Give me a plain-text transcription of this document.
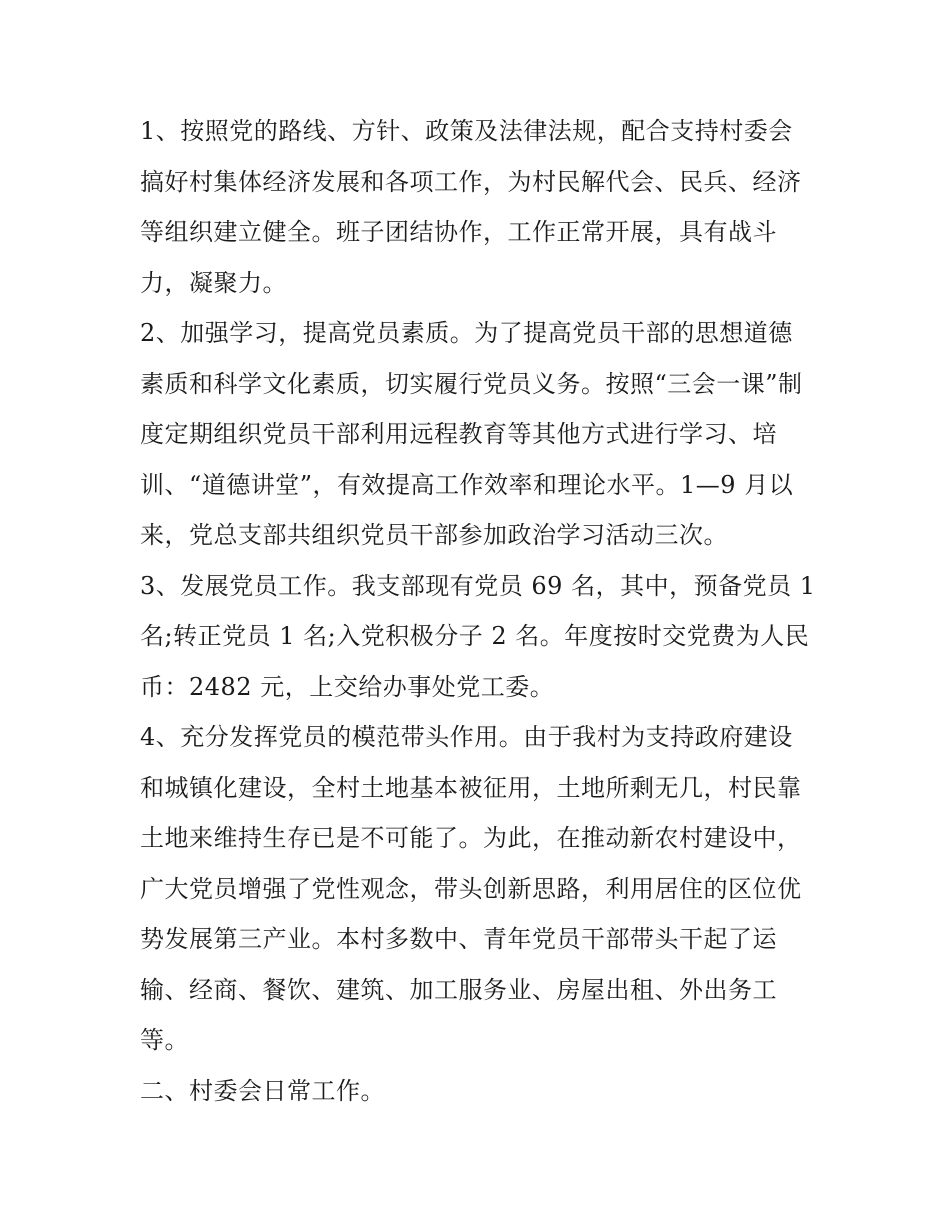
1、按照党的路线、方针、政策及法律法规，配合支持村委会
搞好村集体经济发展和各项工作，为村民解代会、民兵、经济
等组织建立健全。班子团结协作，工作正常开展，具有战斗
力，凝聚力。
2、加强学习，提高党员素质。为了提高党员干部的思想道德
素质和科学文化素质，切实履行党员义务。按照“三会一课”制
度定期组织党员干部利用远程教育等其他方式进行学习、培
训、“道德讲堂”，有效提高工作效率和理论水平。1—9 月以
来，党总支部共组织党员干部参加政治学习活动三次。
3、发展党员工作。我支部现有党员 69 名，其中，预备党员 1
名;转正党员 1 名;入党积极分子 2 名。年度按时交党费为人民
币：2482 元，上交给办事处党工委。
4、充分发挥党员的模范带头作用。由于我村为支持政府建设
和城镇化建设，全村土地基本被征用，土地所剩无几，村民靠
土地来维持生存已是不可能了。为此，在推动新农村建设中，
广大党员增强了党性观念，带头创新思路，利用居住的区位优
势发展第三产业。本村多数中、青年党员干部带头干起了运
输、经商、餐饮、建筑、加工服务业、房屋出租、外出务工
等。
二、村委会日常工作。
